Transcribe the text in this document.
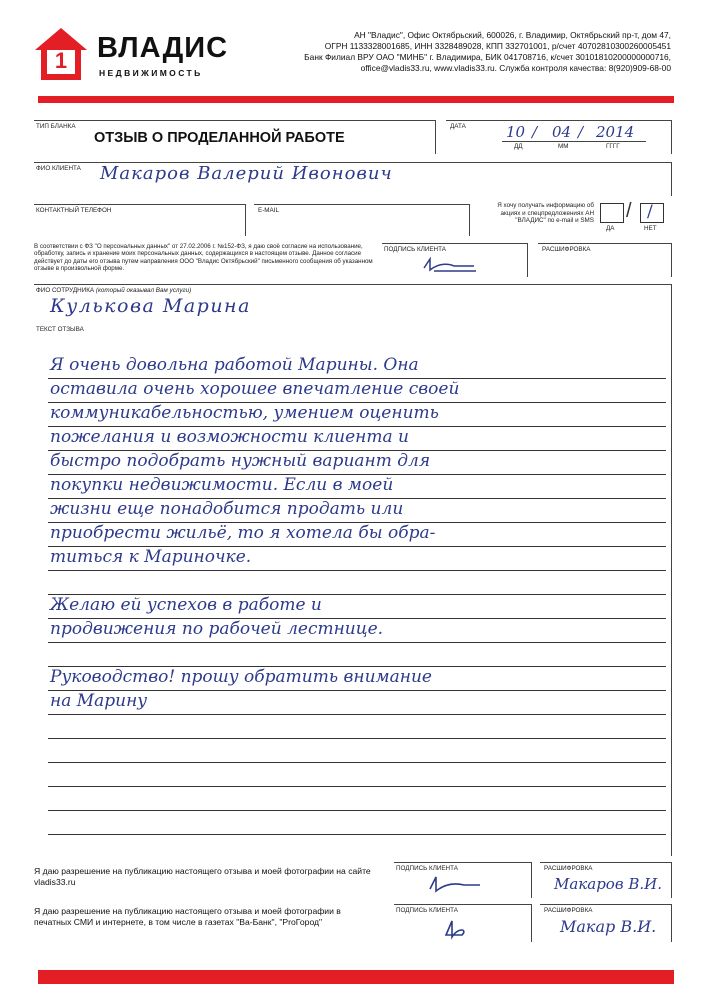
1 ВЛАДИС
НЕДВИЖИМОСТЬ
АН "Владис", Офис Октябрьский, 600026, г. Владимир, Октябрьский пр-т, дом 47,
ОГРН 1133328001685, ИНН 3328489028, КПП 332701001, р/счет 40702810300260005451
Банк Филиал ВРУ ОАО "МИНБ" г. Владимира, БИК 041708716, к/счет 30101810200000000716,
office@vladis33.ru, www.vladis33.ru. Служба контроля качества: 8(920)909-68-00
ТИП БЛАНКА
ОТЗЫВ О ПРОДЕЛАННОЙ РАБОТЕ
ДАТА	10 / 04 / 2014
ДД	ММ	ГГГГ
ФИО КЛИЕНТА Макаров Валерий Ивонович
КОНТАКТНЫЙ ТЕЛЕФОН	E-MAIL
Я хочу получать информацию об акциях и спецпредложениях АН "ВЛАДИС" по e-mail и SMS / /
ДА	НЕТ
В соответствии с ФЗ "О персональных данных" от 27.02.2006 г. №152-ФЗ, я даю своё согласие на использование, обработку, запись и хранение моих персональных данных, содержащихся в настоящем отзыве. Данное согласие действует до даты его отзыва путем направления ООО "Владис Октябрьский" письменного сообщения об указанном отзыве в произвольной форме.
ПОДПИСЬ КЛИЕНТА	РАСШИФРОВКА
ФИО СОТРУДНИКА (который оказывал Вам услуги)
Кулькова Марина
ТЕКСТ ОТЗЫВА
Я очень довольна работой Марины. Она
оставила очень хорошее впечатление своей
коммуникабельностью, умением оценить
пожелания и возможности клиента и
быстро подобрать нужный вариант для
покупки недвижимости. Если в моей
жизни еще понадобится продать или
приобрести жильё, то я хотела бы обра-
титься к Мариночке.
Желаю ей успехов в работе и
продвижения по рабочей лестнице.
Руководство! прошу обратить внимание
на Марину
Я даю разрешение на публикацию настоящего отзыва и моей фотографии на сайте vladis33.ru
ПОДПИСЬ КЛИЕНТА	РАСШИФРОВКА
Макаров В.И.
Я даю разрешение на публикацию настоящего отзыва и моей фотографии в печатных СМИ и интернете, в том числе в газетах "Ва-Банк", "ProГород"
ПОДПИСЬ КЛИЕНТА	РАСШИФРОВКА
Макар В.И.
